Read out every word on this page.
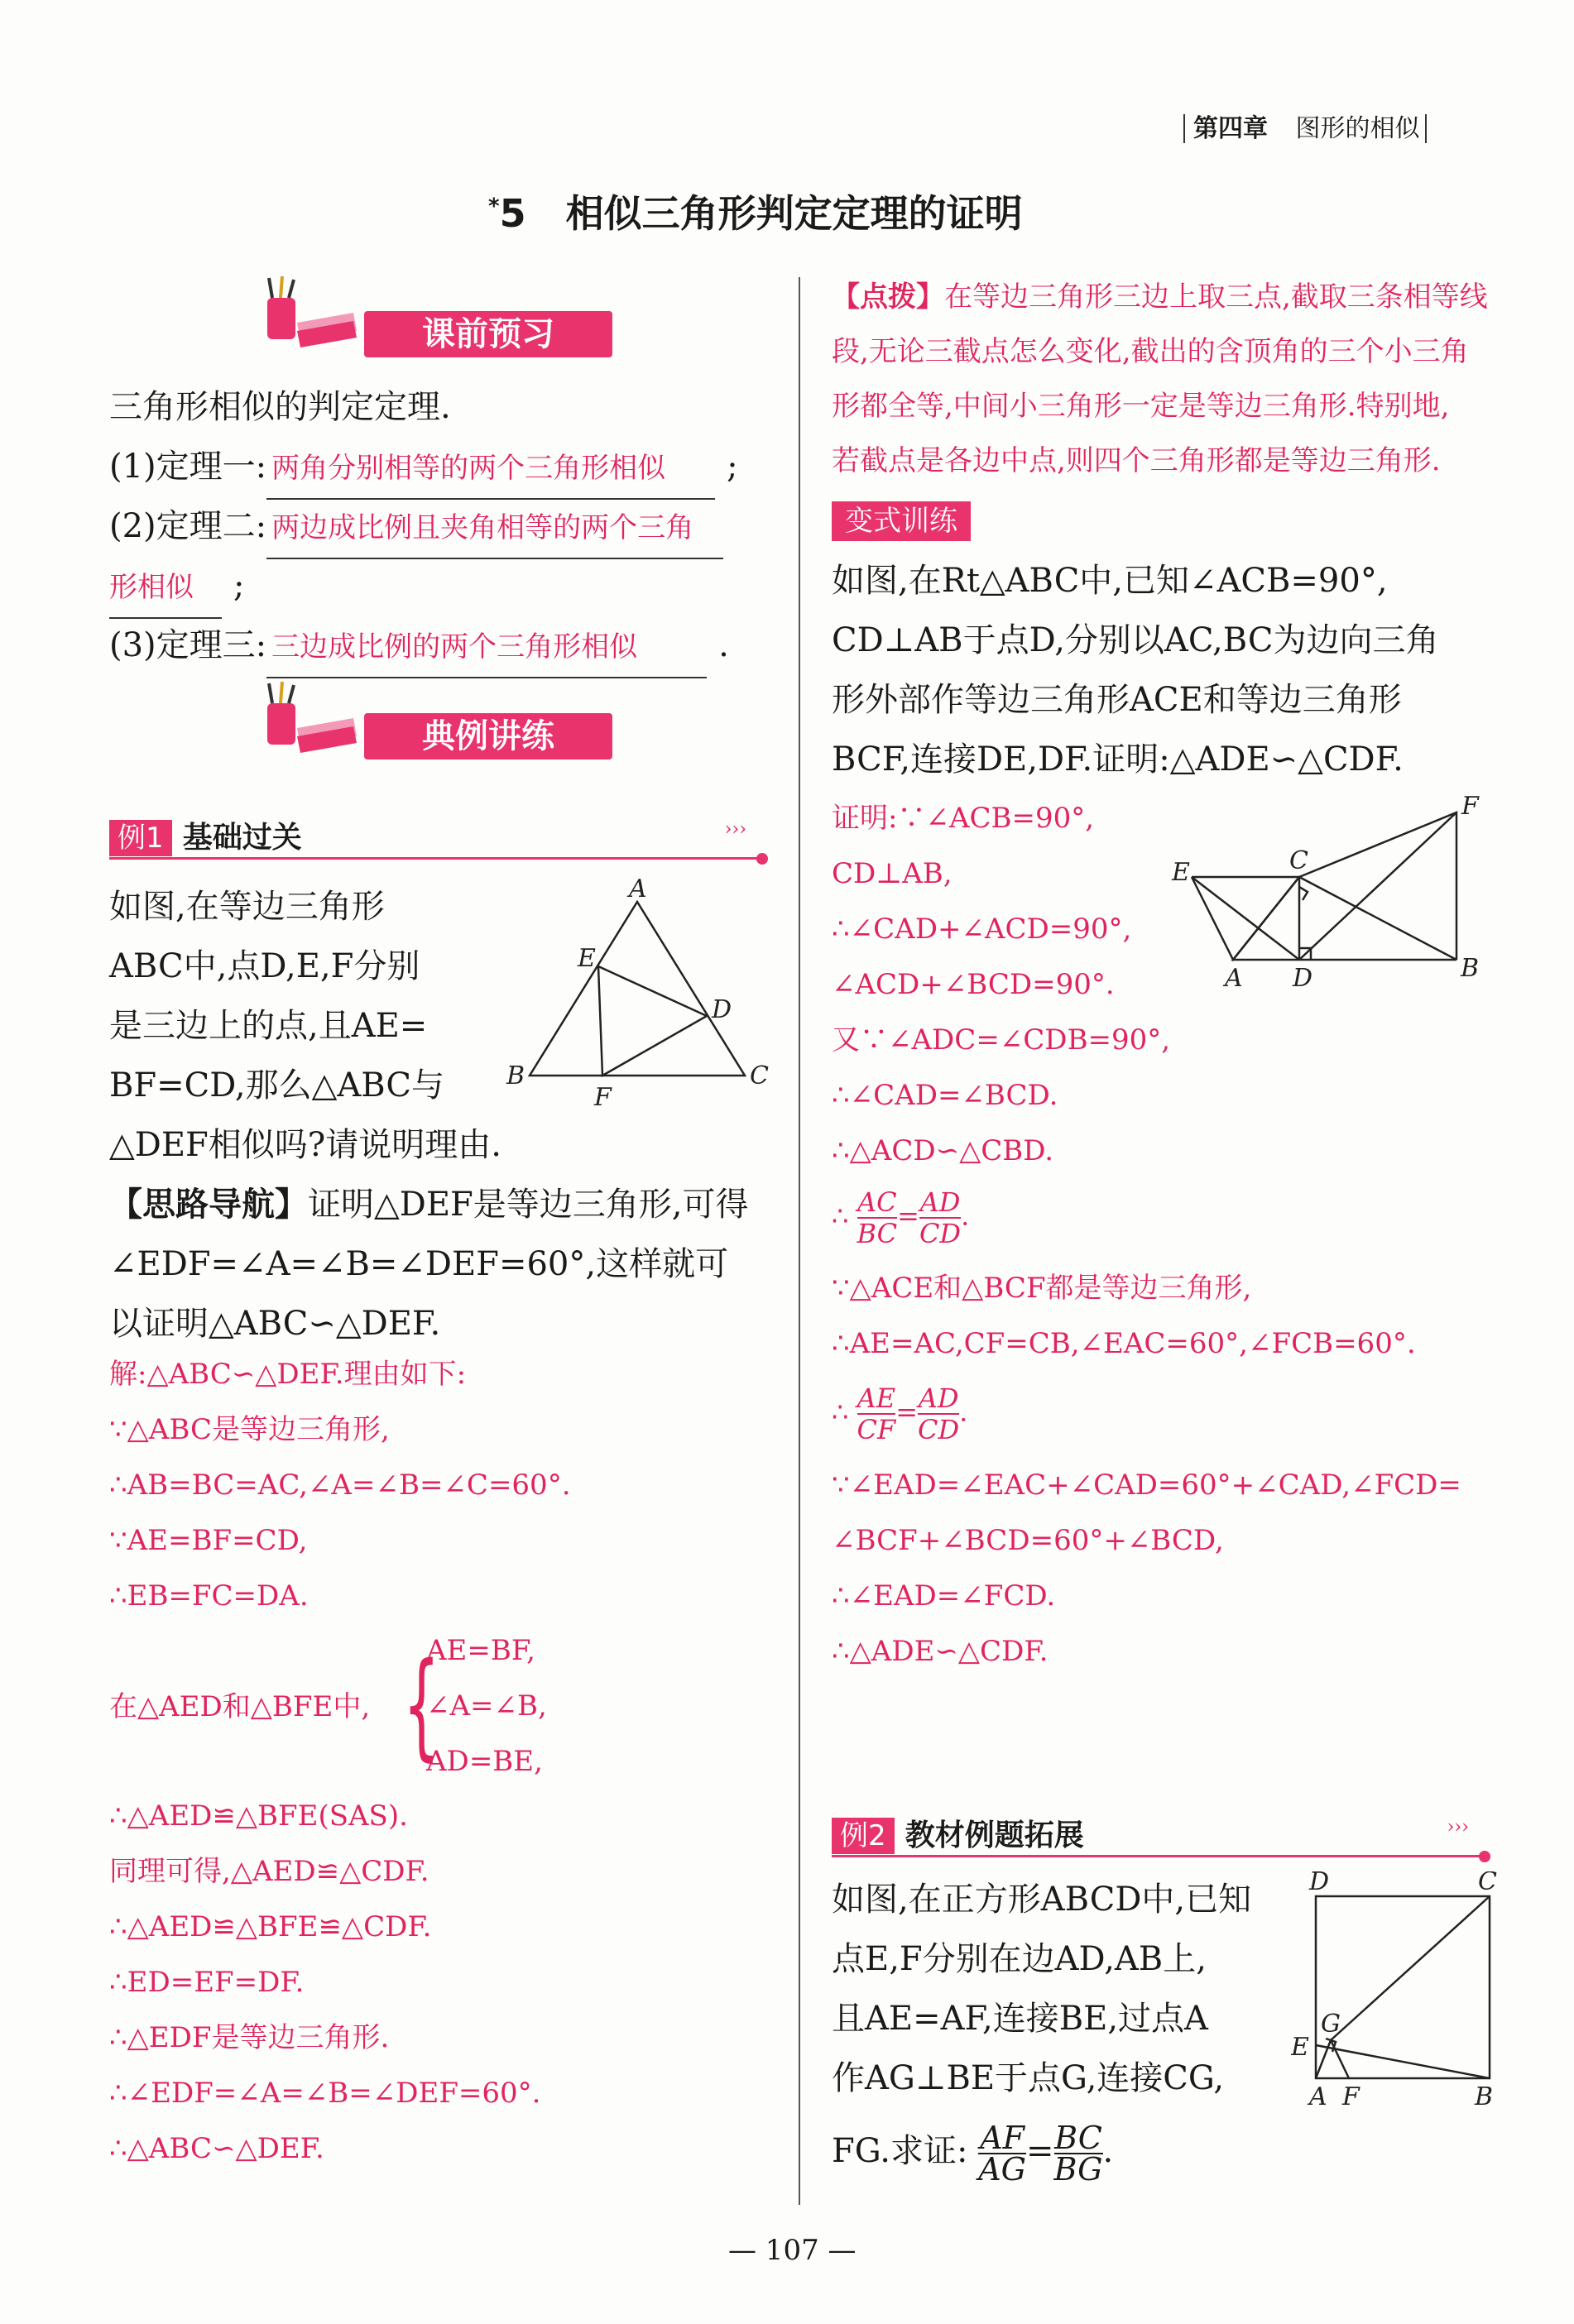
第四章 图形的相似
*5 相似三角形判定定理的证明
课前预习
三角形相似的判定定理.
(1)定理一: 两角分别相等的两个三角形相似 ;
(2)定理二: 两边成比例且夹角相等的两个三角
形相似 ;
(3)定理三: 三边成比例的两个三角形相似 .
典例讲练
例1 基础过关	›››
如图,在等边三角形
ABC中,点D,E,F分别
是三边上的点,且AE=
BF=CD,那么△ABC与
△DEF相似吗?请说明理由.
A
B	C
D
E
F
【思路导航】证明△DEF是等边三角形,可得
∠EDF=∠A=∠B=∠DEF=60°,这样就可
以证明△ABC∽△DEF.
解:△ABC∽△DEF.理由如下:
∵△ABC是等边三角形,
∴AB=BC=AC,∠A=∠B=∠C=60°.
∵AE=BF=CD,
∴EB=FC=DA.
在△AED和△BFE中, {
AE=BF,
∠A=∠B,
AD=BE,
∴△AED≌△BFE(SAS).
同理可得,△AED≌△CDF.
∴△AED≌△BFE≌△CDF.
∴ED=EF=DF.
∴△EDF是等边三角形.
∴∠EDF=∠A=∠B=∠DEF=60°.
∴△ABC∽△DEF.
【点拨】在等边三角形三边上取三点,截取三条相等线
段,无论三截点怎么变化,截出的含顶角的三个小三角
形都全等,中间小三角形一定是等边三角形.特别地,
若截点是各边中点,则四个三角形都是等边三角形.
变式训练
如图,在Rt△ABC中,已知∠ACB=90°,
CD⊥AB于点D,分别以AC,BC为边向三角
形外部作等边三角形ACE和等边三角形
BCF,连接DE,DF.证明:△ADE∽△CDF.
A	B
C
D
E
F
证明:∵∠ACB=90°,
CD⊥AB,
∴∠CAD+∠ACD=90°,
∠ACD+∠BCD=90°.
又∵∠ADC=∠CDB=90°,
∴∠CAD=∠BCD.
∴△ACD∽△CBD.
∴ $\frac{AC}{BC} = \frac{AD}{CD}$ .
∵△ACE和△BCF都是等边三角形,
∴AE=AC,CF=CB,∠EAC=60°,∠FCB=60°.
∴ $\frac{AE}{CF} = \frac{AD}{CD}$ .
∵∠EAD=∠EAC+∠CAD=60°+∠CAD,∠FCD=
∠BCF+∠BCD=60°+∠BCD,
∴∠EAD=∠FCD.
∴△ADE∽△CDF.
例2 教材例题拓展	›››
如图,在正方形ABCD中,已知
点E,F分别在边AD,AB上,
且AE=AF,连接BE,过点A
作AG⊥BE于点G,连接CG,
FG.求证: $\frac{AF}{AG} = \frac{BC}{BG}$ .
A	B
C
D
E
F
G
— 107 —
